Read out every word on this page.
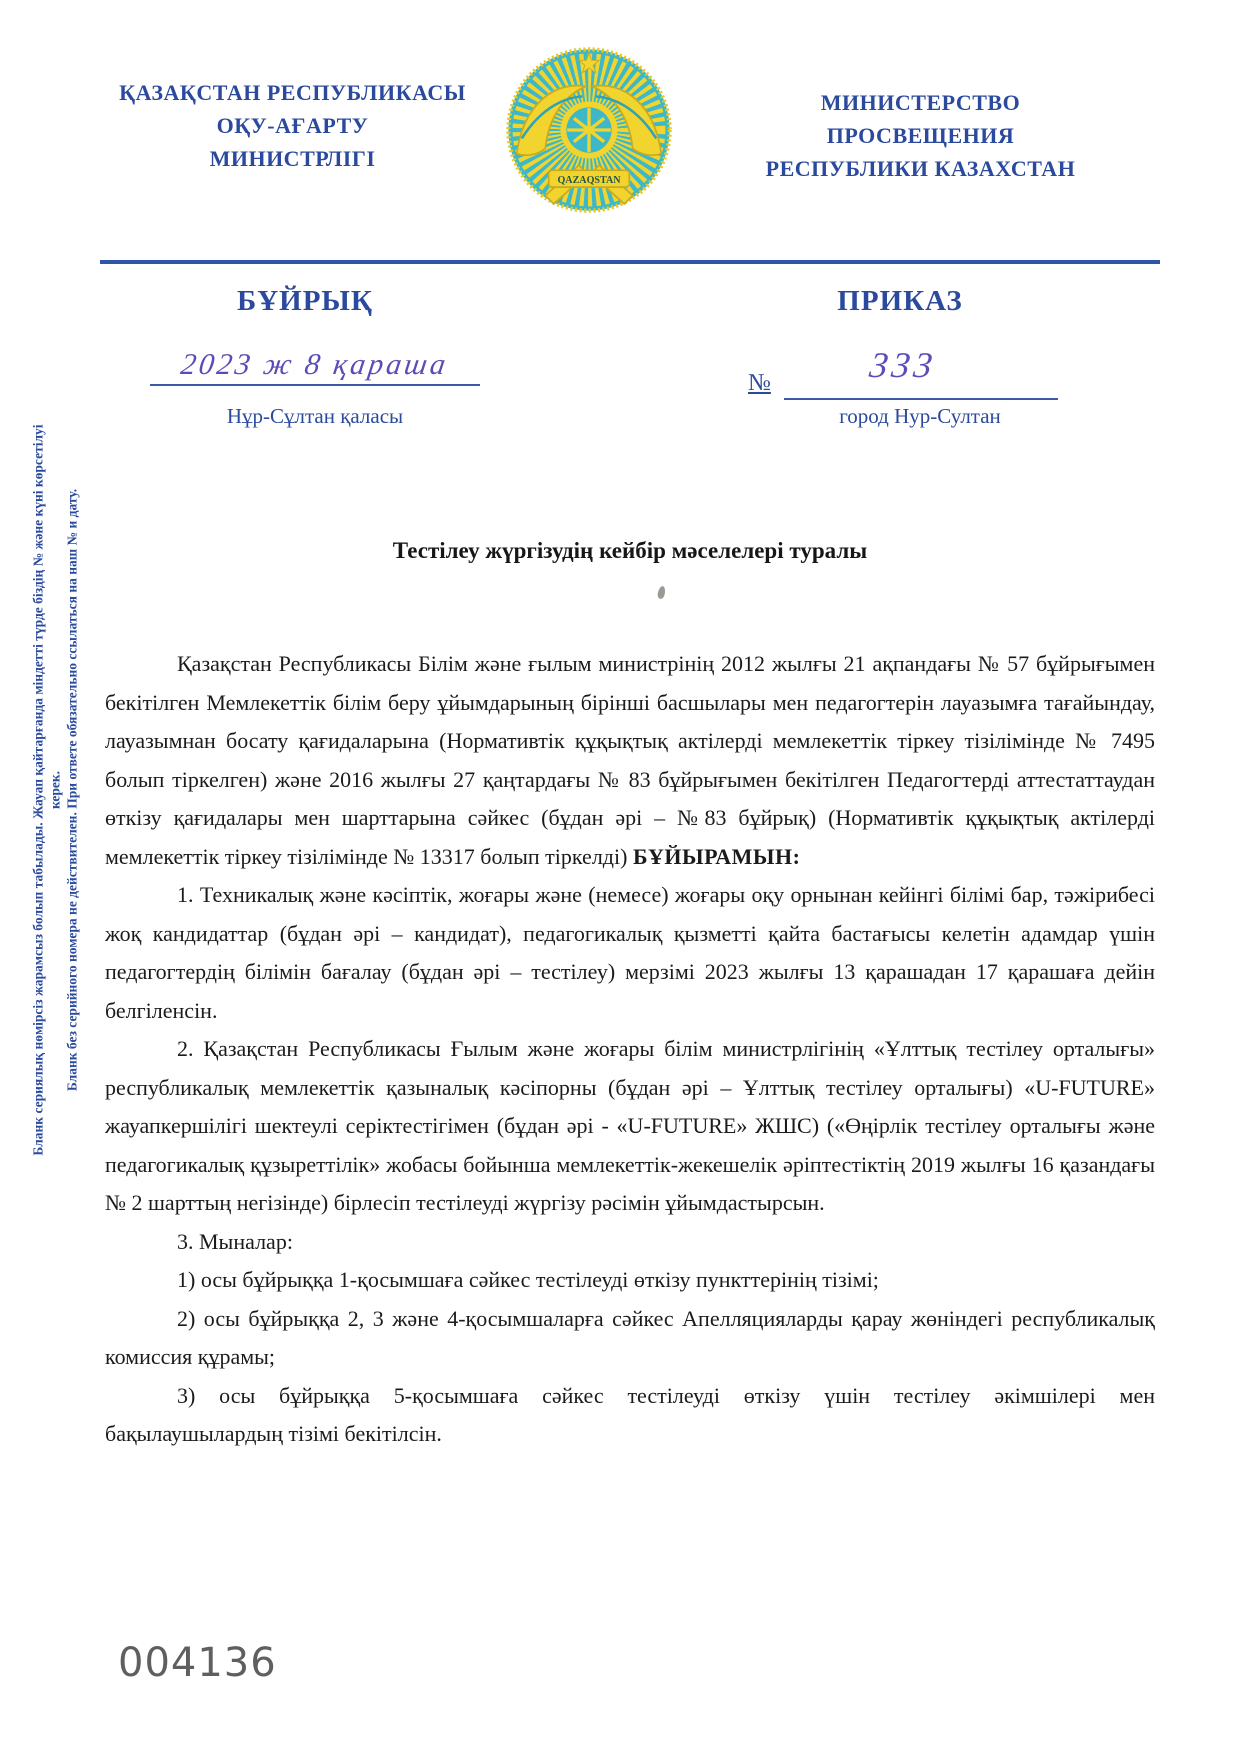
Бланк сериялық нөмірсіз жарамсыз болып табылады. Жауап қайтарғанда міндетті түрде біздің № және күні көрсетілуі керек. Бланк без серийного номера не действителен. При ответе обязательно ссылаться на наш № и дату.
ҚАЗАҚСТАН РЕСПУБЛИКАСЫ
ОҚУ-АҒАРТУ
МИНИСТРЛІГІ
QAZAQSTAN
МИНИСТЕРСТВО
ПРОСВЕЩЕНИЯ
РЕСПУБЛИКИ КАЗАХСТАН
БҰЙРЫҚ	ПРИКАЗ
2023 ж 8 қараша
Нұр-Сұлтан қаласы
№	333
город Нур-Султан
Тестілеу жүргізудің кейбір мәселелері туралы

Қазақстан Республикасы Білім және ғылым министрінің 2012 жылғы 21 ақпандағы № 57 бұйрығымен бекітілген Мемлекеттік білім беру ұйымдарының бірінші басшылары мен педагогтерін лауазымға тағайындау, лауазымнан босату қағидаларына (Нормативтік құқықтық актілерді мемлекеттік тіркеу тізілімінде № 7495 болып тіркелген) және 2016 жылғы 27 қаңтардағы № 83 бұйрығымен бекітілген Педагогтерді аттестаттаудан өткізу қағидалары мен шарттарына сәйкес (бұдан әрі – №83 бұйрық) (Нормативтік құқықтық актілерді мемлекеттік тіркеу тізілімінде № 13317 болып тіркелді) БҰЙЫРАМЫН:

1. Техникалық және кәсіптік, жоғары және (немесе) жоғары оқу орнынан кейінгі білімі бар, тәжірибесі жоқ кандидаттар (бұдан әрі – кандидат), педагогикалық қызметті қайта бастағысы келетін адамдар үшін педагогтердің білімін бағалау (бұдан әрі – тестілеу) мерзімі 2023 жылғы 13 қарашадан 17 қарашаға дейін белгіленсін.

2. Қазақстан Республикасы Ғылым және жоғары білім министрлігінің «Ұлттық тестілеу орталығы» республикалық мемлекеттік қазыналық кәсіпорны (бұдан әрі – Ұлттық тестілеу орталығы) «U-FUTURE» жауапкершілігі шектеулі серіктестігімен (бұдан әрі - «U-FUTURE» ЖШС) («Өңірлік тестілеу орталығы және педагогикалық құзыреттілік» жобасы бойынша мемлекеттік-жекешелік әріптестіктің 2019 жылғы 16 қазандағы № 2 шарттың негізінде) бірлесіп тестілеуді жүргізу рәсімін ұйымдастырсын.

3. Мыналар:

1) осы бұйрыққа 1-қосымшаға сәйкес тестілеуді өткізу пункттерінің тізімі;

2) осы бұйрыққа 2, 3 және 4-қосымшаларға сәйкес Апелляцияларды қарау жөніндегі республикалық комиссия құрамы;

3) осы бұйрыққа 5-қосымшаға сәйкес тестілеуді өткізу үшін тестілеу әкімшілері мен бақылаушылардың тізімі бекітілсін.

004136
